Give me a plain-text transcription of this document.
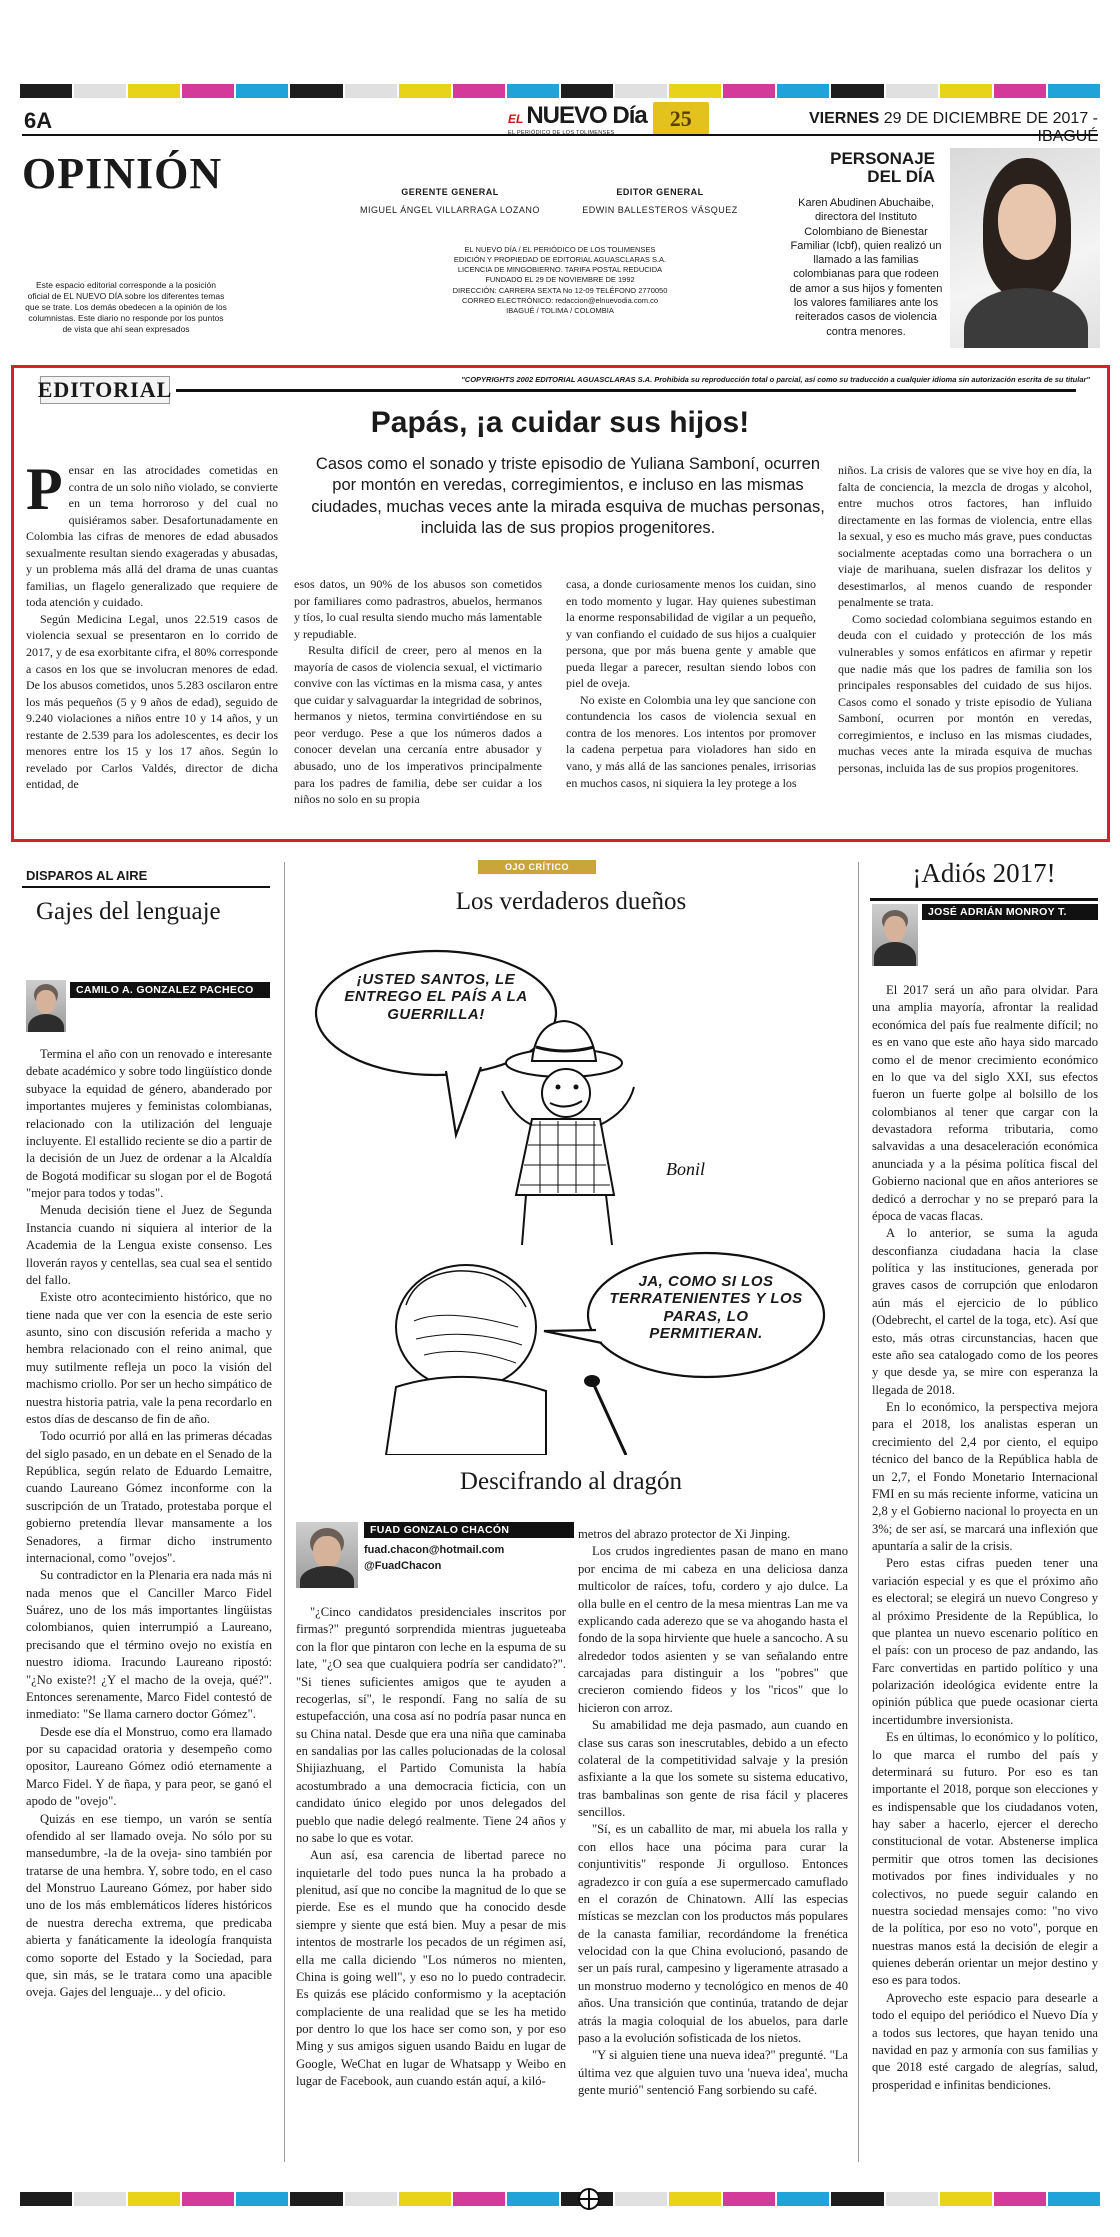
6A	EL NUEVO Día
EL PERIÓDICO DE LOS TOLIMENSES
25	VIERNES 29 DE DICIEMBRE DE 2017 - IBAGUÉ
OPINIÓN
Este espacio editorial corresponde a la posición oficial de EL NUEVO DÍA sobre los diferentes temas que se trate. Los demás obedecen a la opinión de los columnistas. Este diario no responde por los puntos de vista que ahí sean expresados
GERENTE GENERAL
MIGUEL ÁNGEL VILLARRAGA LOZANO
EDITOR GENERAL
EDWIN BALLESTEROS VÁSQUEZ
EL NUEVO DÍA / EL PERIÓDICO DE LOS TOLIMENSES
EDICIÓN Y PROPIEDAD DE EDITORIAL AGUASCLARAS S.A.
LICENCIA DE MINGOBIERNO. TARIFA POSTAL REDUCIDA
FUNDADO EL 29 DE NOVIEMBRE DE 1992
DIRECCIÓN: CARRERA SEXTA No 12-09 TELÉFONO 2770050
CORREO ELECTRÓNICO: redaccion@elnuevodia.com.co
IBAGUÉ / TOLIMA / COLOMBIA
PERSONAJE
DEL DÍA
Karen Abudinen Abuchaibe, directora del Instituto Colombiano de Bienestar Familiar (Icbf), quien realizó un llamado a las familias colombianas para que rodeen de amor a sus hijos y fomenten los valores familiares ante los reiterados casos de violencia contra menores.
EDITORIAL	"COPYRIGHTS 2002 EDITORIAL AGUASCLARAS S.A. Prohibida su reproducción total o parcial, así como su traducción a cualquier idioma sin autorización escrita de su titular"
Papás, ¡a cuidar sus hijos!
Casos como el sonado y triste episodio de Yuliana Samboní, ocurren por montón en veredas, corregimientos, e incluso en las mismas ciudades, muchas veces ante la mirada esquiva de muchas personas, incluida las de sus propios progenitores.
P ensar en las atrocidades cometidas en contra de un solo niño violado, se convierte en un tema horroroso y del cual no quisiéramos saber. Desafortunadamente en Colombia las cifras de menores de edad abusados sexualmente resultan siendo exageradas y abusadas, y un problema más allá del drama de unas cuantas familias, un flagelo generalizado que requiere de toda atención y cuidado.

Según Medicina Legal, unos 22.519 casos de violencia sexual se presentaron en lo corrido de 2017, y de esa exorbitante cifra, el 80% corresponde a casos en los que se involucran menores de edad. De los abusos cometidos, unos 5.283 oscilaron entre los más pequeños (5 y 9 años de edad), seguido de 9.240 violaciones a niños entre 10 y 14 años, y un restante de 2.539 para los adolescentes, es decir los menores entre los 15 y los 17 años. Según lo revelado por Carlos Valdés, director de dicha entidad, de

esos datos, un 90% de los abusos son cometidos por familiares como padrastros, abuelos, hermanos y tíos, lo cual resulta siendo mucho más lamentable y repudiable.

Resulta difícil de creer, pero al menos en la mayoría de casos de violencia sexual, el victimario convive con las víctimas en la misma casa, y antes que cuidar y salvaguardar la integridad de sobrinos, hermanos y nietos, termina convirtiéndose en su peor verdugo. Pese a que los números dados a conocer develan una cercanía entre abusador y abusado, uno de los imperativos principalmente para los padres de familia, debe ser cuidar a los niños no solo en su propia

casa, a donde curiosamente menos los cuidan, sino en todo momento y lugar. Hay quienes subestiman la enorme responsabilidad de vigilar a un pequeño, y van confiando el cuidado de sus hijos a cualquier persona, que por más buena gente y amable que pueda llegar a parecer, resultan siendo lobos con piel de oveja.

No existe en Colombia una ley que sancione con contundencia los casos de violencia sexual en contra de los menores. Los intentos por promover la cadena perpetua para violadores han sido en vano, y más allá de las sanciones penales, irrisorias en muchos casos, ni siquiera la ley protege a los

niños. La crisis de valores que se vive hoy en día, la falta de conciencia, la mezcla de drogas y alcohol, entre muchos otros factores, han influido directamente en las formas de violencia, entre ellas la sexual, y eso es mucho más grave, pues conductas socialmente aceptadas como una borrachera o un viaje de marihuana, suelen disfrazar los delitos y desestimarlos, al menos cuando de responder penalmente se trata.

Como sociedad colombiana seguimos estando en deuda con el cuidado y protección de los más vulnerables y somos enfáticos en afirmar y repetir que nadie más que los padres de familia son los principales responsables del cuidado de sus hijos. Casos como el sonado y triste episodio de Yuliana Samboní, ocurren por montón en veredas, corregimientos, e incluso en las mismas ciudades, muchas veces ante la mirada esquiva de muchas personas, incluida las de sus propios progenitores.

DISPAROS AL AIRE
Gajes del lenguaje
CAMILO A. GONZALEZ PACHECO

Termina el año con un renovado e interesante debate académico y sobre todo lingüístico donde subyace la equidad de género, abanderado por importantes mujeres y feministas colombianas, relacionado con la utilización del lenguaje incluyente. El estallido reciente se dio a partir de la decisión de un Juez de ordenar a la Alcaldía de Bogotá modificar su slogan por el de Bogotá "mejor para todos y todas".

Menuda decisión tiene el Juez de Segunda Instancia cuando ni siquiera al interior de la Academia de la Lengua existe consenso. Les lloverán rayos y centellas, sea cual sea el sentido del fallo.

Existe otro acontecimiento histórico, que no tiene nada que ver con la esencia de este serio asunto, sino con discusión referida a macho y hembra relacionado con el reino animal, que muy sutilmente refleja un poco la visión del machismo criollo. Por ser un hecho simpático de nuestra historia patria, vale la pena recordarlo en estos días de descanso de fin de año.

Todo ocurrió por allá en las primeras décadas del siglo pasado, en un debate en el Senado de la República, según relato de Eduardo Lemaitre, cuando Laureano Gómez inconforme con la suscripción de un Tratado, protestaba porque el gobierno pretendía llevar mansamente a los Senadores, a firmar dicho instrumento internacional, como "ovejos".

Su contradictor en la Plenaria era nada más ni nada menos que el Canciller Marco Fidel Suárez, uno de los más importantes lingüistas colombianos, quien interrumpió a Laureano, precisando que el término ovejo no existía en nuestro idioma. Iracundo Laureano ripostó: "¿No existe?! ¿Y el macho de la oveja, qué?". Entonces serenamente, Marco Fidel contestó de inmediato: "Se llama carnero doctor Gómez".

Desde ese día el Monstruo, como era llamado por su capacidad oratoria y desempeño como opositor, Laureano Gómez odió eternamente a Marco Fidel. Y de ñapa, y para peor, se ganó el apodo de "ovejo".

Quizás en ese tiempo, un varón se sentía ofendido al ser llamado oveja. No sólo por su mansedumbre, -la de la oveja- sino también por tratarse de una hembra. Y, sobre todo, en el caso del Monstruo Laureano Gómez, por haber sido uno de los más emblemáticos líderes históricos de nuestra derecha extrema, que predicaba abierta y fanáticamente la ideología franquista como soporte del Estado y la Sociedad, para que, sin más, se le tratara como una apacible oveja. Gajes del lenguaje... y del oficio.

OJO CRÍTICO
Los verdaderos dueños
Bonil
¡USTED SANTOS, LE ENTREGO EL PAÍS A LA GUERRILLA!
JA, COMO SI LOS TERRATENIENTES Y LOS PARAS, LO PERMITIERAN.
Descifrando al dragón
FUAD GONZALO CHACÓN
fuad.chacon@hotmail.com
@FuadChacon

"¿Cinco candidatos presidenciales inscritos por firmas?" preguntó sorprendida mientras jugueteaba con la flor que pintaron con leche en la espuma de su late, "¿O sea que cualquiera podría ser candidato?". "Si tienes suficientes amigos que te ayuden a recogerlas, sí", le respondí. Fang no salía de su estupefacción, una cosa así no podría pasar nunca en su China natal. Desde que era una niña que caminaba en sandalias por las calles polucionadas de la colosal Shijiazhuang, el Partido Comunista la había acostumbrado a una democracia ficticia, con un candidato único elegido por unos delegados del pueblo que nadie delegó realmente. Tiene 24 años y no sabe lo que es votar.

Aun así, esa carencia de libertad parece no inquietarle del todo pues nunca la ha probado a plenitud, así que no concibe la magnitud de lo que se pierde. Ese es el mundo que ha conocido desde siempre y siente que está bien. Muy a pesar de mis intentos de mostrarle los pecados de un régimen así, ella me calla diciendo "Los números no mienten, China is going well", y eso no lo puedo contradecir. Es quizás ese plácido conformismo y la aceptación complaciente de una realidad que se les ha metido por dentro lo que los hace ser como son, y por eso Ming y sus amigos siguen usando Baidu en lugar de Google, WeChat en lugar de Whatsapp y Weibo en lugar de Facebook, aun cuando están aquí, a kiló-

metros del abrazo protector de Xi Jinping.

Los crudos ingredientes pasan de mano en mano por encima de mi cabeza en una deliciosa danza multicolor de raíces, tofu, cordero y ajo dulce. La olla bulle en el centro de la mesa mientras Lan me va explicando cada aderezo que se va ahogando hasta el fondo de la sopa hirviente que huele a sancocho. A su alrededor todos asienten y se van señalando entre carcajadas para distinguir a los "pobres" que crecieron comiendo fideos y los "ricos" que lo hicieron con arroz.

Su amabilidad me deja pasmado, aun cuando en clase sus caras son inescrutables, debido a un efecto colateral de la competitividad salvaje y la presión asfixiante a la que los somete su sistema educativo, tras bambalinas son gente de risa fácil y placeres sencillos.

"Sí, es un caballito de mar, mi abuela los ralla y con ellos hace una pócima para curar la conjuntivitis" responde Ji orgulloso. Entonces agradezco ir con guía a ese supermercado camuflado en el corazón de Chinatown. Allí las especias místicas se mezclan con los productos más populares de la canasta familiar, recordándome la frenética velocidad con la que China evolucionó, pasando de ser un país rural, campesino y ligeramente atrasado a un monstruo moderno y tecnológico en menos de 40 años. Una transición que continúa, tratando de dejar atrás la magia coloquial de los abuelos, para darle paso a la evolución sofisticada de los nietos.

"Y si alguien tiene una nueva idea?" pregunté. "La última vez que alguien tuvo una 'nueva idea', mucha gente murió" sentenció Fang sorbiendo su café.

¡Adiós 2017!
JOSÉ ADRIÁN MONROY T.

El 2017 será un año para olvidar. Para una amplia mayoría, afrontar la realidad económica del país fue realmente difícil; no es en vano que este año haya sido marcado como el de menor crecimiento económico en lo que va del siglo XXI, sus efectos fueron un fuerte golpe al bolsillo de los colombianos al tener que cargar con la devastadora reforma tributaria, como salvavidas a una desaceleración económica anunciada y a la pésima política fiscal del Gobierno nacional que en años anteriores se dedicó a derrochar y no se preparó para la época de vacas flacas.

A lo anterior, se suma la aguda desconfianza ciudadana hacia la clase política y las instituciones, generada por graves casos de corrupción que enlodaron aún más el ejercicio de lo público (Odebrecht, el cartel de la toga, etc). Así que esto, más otras circunstancias, hacen que este año sea catalogado como de los peores y que desde ya, se mire con esperanza la llegada de 2018.

En lo económico, la perspectiva mejora para el 2018, los analistas esperan un crecimiento del 2,4 por ciento, el equipo técnico del banco de la República habla de un 2,7, el Fondo Monetario Internacional FMI en su más reciente informe, vaticina un 2,8 y el Gobierno nacional lo proyecta en un 3%; de ser así, se marcará una inflexión que apuntaría a salir de la crisis.

Pero estas cifras pueden tener una variación especial y es que el próximo año es electoral; se elegirá un nuevo Congreso y al próximo Presidente de la República, lo que plantea un nuevo escenario político en el país: con un proceso de paz andando, las Farc convertidas en partido político y una polarización ideológica evidente entre la opinión pública que puede ocasionar cierta incertidumbre inversionista.

Es en últimas, lo económico y lo político, lo que marca el rumbo del país y determinará su futuro. Por eso es tan importante el 2018, porque son elecciones y es indispensable que los ciudadanos voten, hay saber a hacerlo, ejercer el derecho constitucional de votar. Abstenerse implica permitir que otros tomen las decisiones motivados por fines individuales y no colectivos, no puede seguir calando en nuestra sociedad mensajes como: "no vivo de la política, por eso no voto", porque en nuestras manos está la decisión de elegir a quienes deberán orientar un mejor destino y eso es para todos.

Aprovecho este espacio para desearle a todo el equipo del periódico el Nuevo Día y a todos sus lectores, que hayan tenido una navidad en paz y armonía con sus familias y que 2018 esté cargado de alegrías, salud, prosperidad e infinitas bendiciones.
